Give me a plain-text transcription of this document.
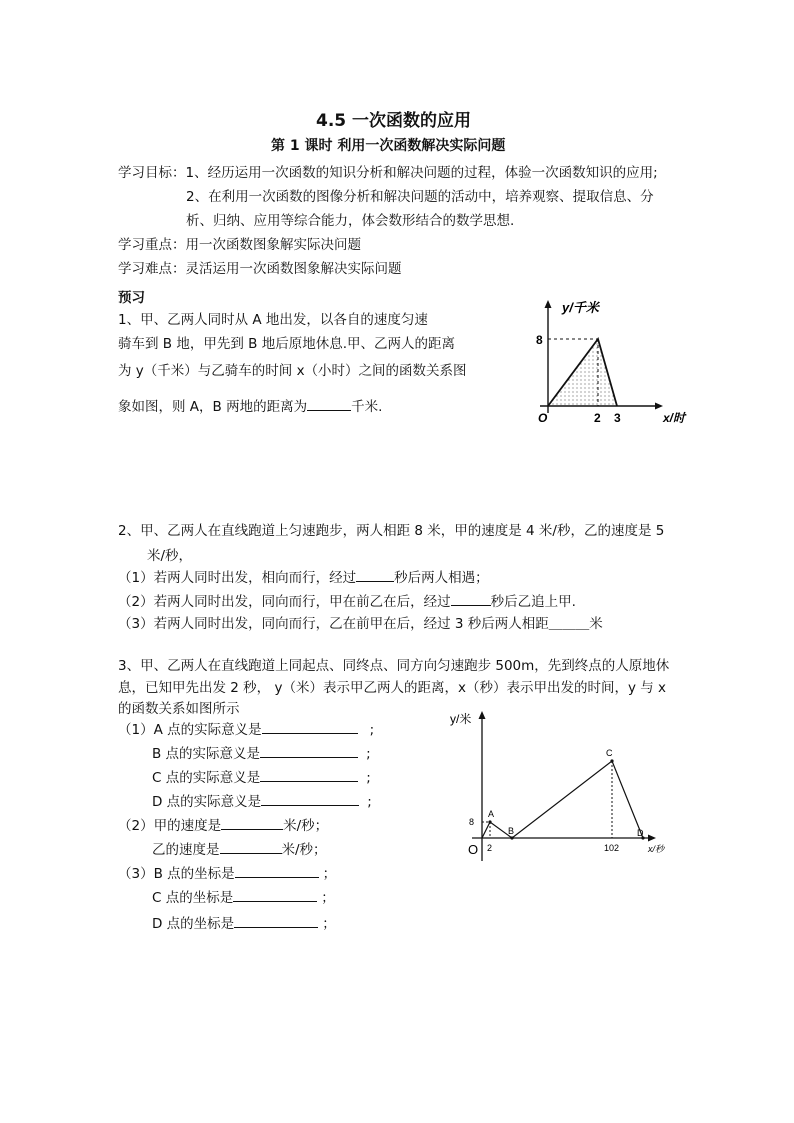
4.5 一次函数的应用
第 1 课时 利用一次函数解决实际问题
学习目标：1、经历运用一次函数的知识分析和解决问题的过程，体验一次函数知识的应用;
2、在利用一次函数的图像分析和解决问题的活动中，培养观察、提取信息、分
析、归纳、应用等综合能力，体会数形结合的数学思想.
学习重点：用一次函数图象解实际决问题
学习难点：灵活运用一次函数图象解决实际问题
预习
1、甲、乙两人同时从 A 地出发，以各自的速度匀速
骑车到 B 地，甲先到 B 地后原地休息.甲、乙两人的距离
为 y（千米）与乙骑车的时间 x（小时）之间的函数关系图
象如图，则 A，B 两地的距离为	千米.
y/千米
8
O	2 3	x/时
2、甲、乙两人在直线跑道上匀速跑步，两人相距 8 米，甲的速度是 4 米/秒，乙的速度是 5
米/秒，
（1）若两人同时出发，相向而行，经过	秒后两人相遇；
（2）若两人同时出发，同向而行，甲在前乙在后，经过	秒后乙追上甲.
（3）若两人同时出发，同向而行，乙在前甲在后，经过 3 秒后两人相距＿＿＿米
3、甲、乙两人在直线跑道上同起点、同终点、同方向匀速跑步 500m，先到终点的人原地休
息，已知甲先出发 2 秒， y（米）表示甲乙两人的距离，x（秒）表示甲出发的时间，y 与 x
的函数关系如图所示
（1）A 点的实际意义是	;
B 点的实际意义是	;
C 点的实际意义是	;
D 点的实际意义是	;
（2）甲的速度是	米/秒；
乙的速度是	米/秒；
（3）B 点的坐标是	；
C 点的坐标是	；
D 点的坐标是	；
y/米
8
O 2	102	x/秒
A
B
C
D
